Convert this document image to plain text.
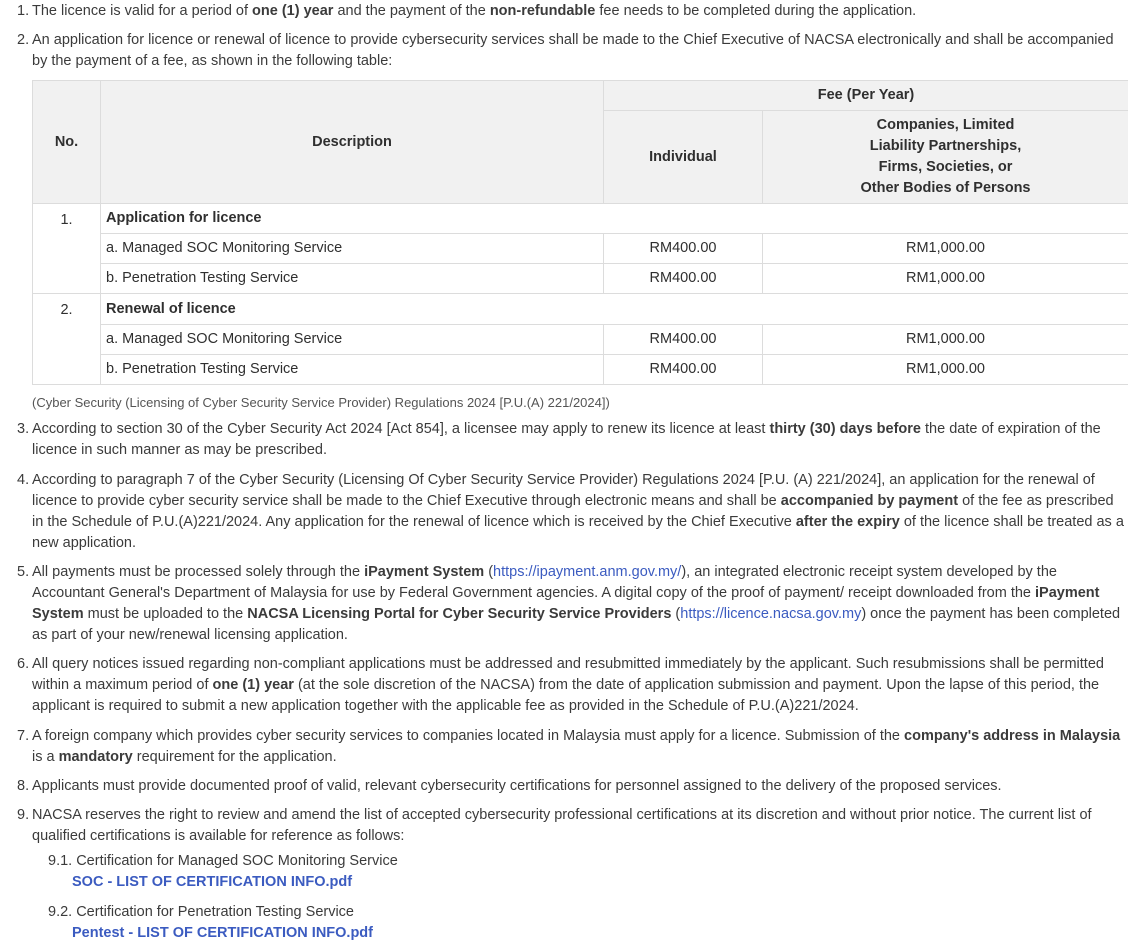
1. The licence is valid for a period of one (1) year and the payment of the non-refundable fee needs to be completed during the application.
2. An application for licence or renewal of licence to provide cybersecurity services shall be made to the Chief Executive of NACSA electronically and shall be accompanied by the payment of a fee, as shown in the following table:
No.	Description	Fee (Per Year)	
		Individual	Companies, Limited
Liability Partnerships,
Firms, Societies, or
Other Bodies of Persons
1.	Application for licence		
	a. Managed SOC Monitoring Service	RM400.00	RM1,000.00
	b. Penetration Testing Service	RM400.00	RM1,000.00
2.	Renewal of licence		
	a. Managed SOC Monitoring Service	RM400.00	RM1,000.00
	b. Penetration Testing Service	RM400.00	RM1,000.00
(Cyber Security (Licensing of Cyber Security Service Provider) Regulations 2024 [P.U.(A) 221/2024])
3. According to section 30 of the Cyber Security Act 2024 [Act 854], a licensee may apply to renew its licence at least thirty (30) days before the date of expiration of the licence in such manner as may be prescribed.
4. According to paragraph 7 of the Cyber Security (Licensing Of Cyber Security Service Provider) Regulations 2024 [P.U. (A) 221/2024], an application for the renewal of licence to provide cyber security service shall be made to the Chief Executive through electronic means and shall be accompanied by payment of the fee as prescribed in the Schedule of P.U.(A)221/2024. Any application for the renewal of licence which is received by the Chief Executive after the expiry of the licence shall be treated as a new application.
5. All payments must be processed solely through the iPayment System (https://ipayment.anm.gov.my/), an integrated electronic receipt system developed by the Accountant General's Department of Malaysia for use by Federal Government agencies. A digital copy of the proof of payment/ receipt downloaded from the iPayment System must be uploaded to the NACSA Licensing Portal for Cyber Security Service Providers (https://licence.nacsa.gov.my) once the payment has been completed as part of your new/renewal licensing application.
6. All query notices issued regarding non-compliant applications must be addressed and resubmitted immediately by the applicant. Such resubmissions shall be permitted within a maximum period of one (1) year (at the sole discretion of the NACSA) from the date of application submission and payment. Upon the lapse of this period, the applicant is required to submit a new application together with the applicable fee as provided in the Schedule of P.U.(A)221/2024.
7. A foreign company which provides cyber security services to companies located in Malaysia must apply for a licence. Submission of the company's address in Malaysia is a mandatory requirement for the application.
8. Applicants must provide documented proof of valid, relevant cybersecurity certifications for personnel assigned to the delivery of the proposed services.
9. NACSA reserves the right to review and amend the list of accepted cybersecurity professional certifications at its discretion and without prior notice. The current list of qualified certifications is available for reference as follows:
9.1. Certification for Managed SOC Monitoring Service
SOC - LIST OF CERTIFICATION INFO.pdf
9.2. Certification for Penetration Testing Service
Pentest - LIST OF CERTIFICATION INFO.pdf
